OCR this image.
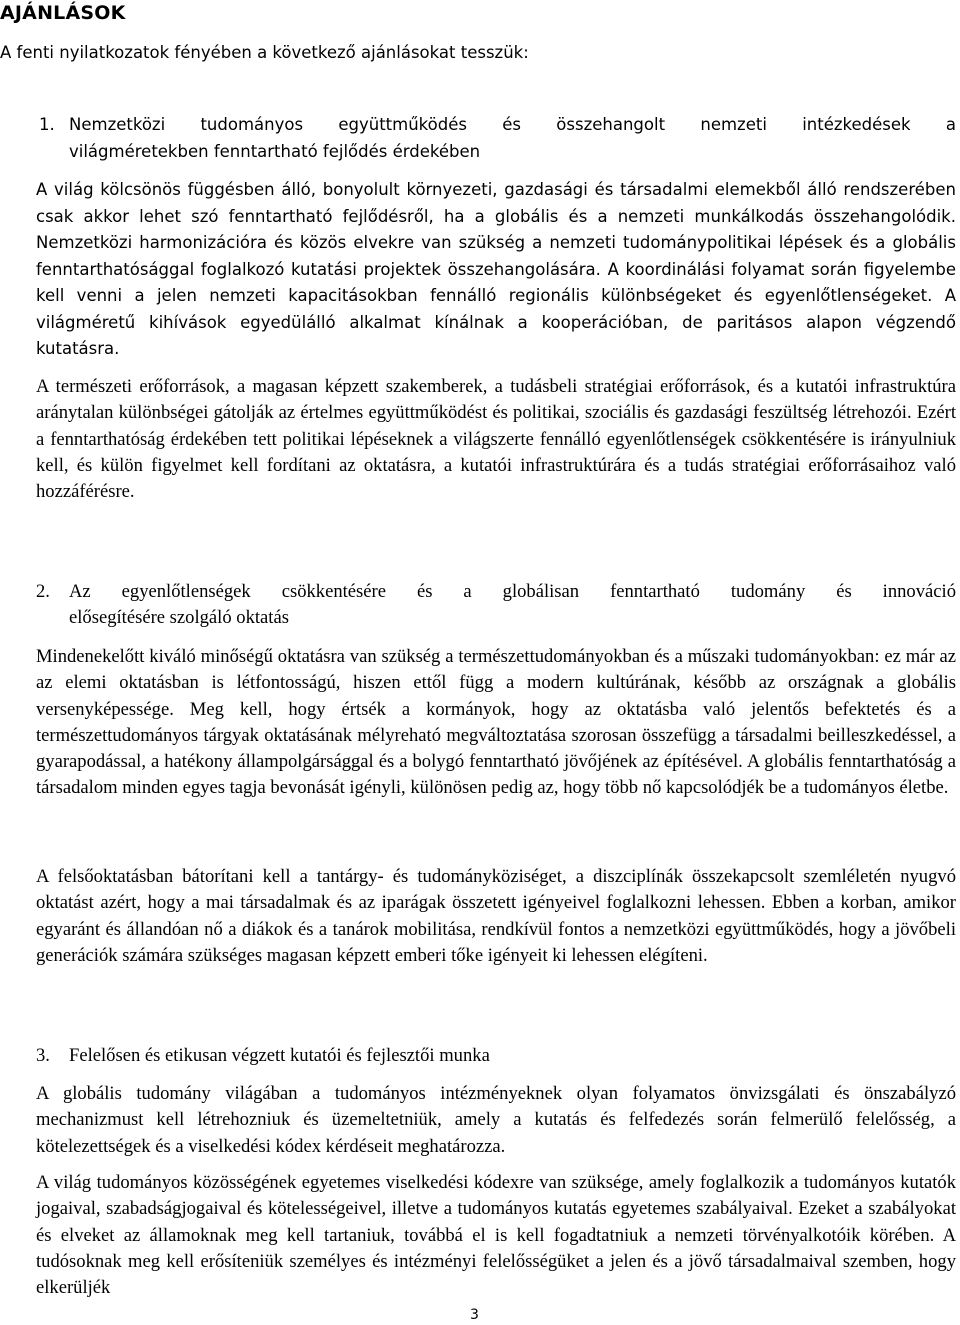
AJÁNLÁSOK
A fenti nyilatkozatok fényében a következő ajánlásokat tesszük:
1. Nemzetközi tudományos együttműködés és összehangolt nemzeti intézkedések a
világméretekben fenntartható fejlődés érdekében
A világ kölcsönös függésben álló, bonyolult környezeti, gazdasági és társadalmi elemekből álló rendszerében csak akkor lehet szó fenntartható fejlődésről, ha a globális és a nemzeti munkálkodás összehangolódik. Nemzetközi harmonizációra és közös elvekre van szükség a nemzeti tudománypolitikai lépések és a globális fenntarthatósággal foglalkozó kutatási projektek összehangolására. A koordinálási folyamat során figyelembe kell venni a jelen nemzeti kapacitásokban fennálló regionális különbségeket és egyenlőtlenségeket. A világméretű kihívások egyedülálló alkalmat kínálnak a kooperációban, de paritásos alapon végzendő kutatásra.
A természeti erőforrások, a magasan képzett szakemberek, a tudásbeli stratégiai erőforrások, és a kutatói infrastruktúra aránytalan különbségei gátolják az értelmes együttműködést és politikai, szociális és gazdasági feszültség létrehozói. Ezért a fenntarthatóság érdekében tett politikai lépéseknek a világszerte fennálló egyenlőtlenségek csökkentésére is irányulniuk kell, és külön figyelmet kell fordítani az oktatásra, a kutatói infrastruktúrára és a tudás stratégiai erőforrásaihoz való hozzáférésre.
2. Az egyenlőtlenségek csökkentésére és a globálisan fenntartható tudomány és innováció
elősegítésére szolgáló oktatás
Mindenekelőtt kiváló minőségű oktatásra van szükség a természettudományokban és a műszaki tudományokban: ez már az az elemi oktatásban is létfontosságú, hiszen ettől függ a modern kultúrának, később az országnak a globális versenyképessége. Meg kell, hogy értsék a kormányok, hogy az oktatásba való jelentős befektetés és a természettudományos tárgyak oktatásának mélyreható megváltoztatása szorosan összefügg a társadalmi beilleszkedéssel, a gyarapodással, a hatékony állampolgársággal és a bolygó fenntartható jövőjének az építésével. A globális fenntarthatóság a társadalom minden egyes tagja bevonását igényli, különösen pedig az, hogy több nő kapcsolódjék be a tudományos életbe.
A felsőoktatásban bátorítani kell a tantárgy- és tudományköziséget, a diszciplínák összekapcsolt szemléletén nyugvó oktatást azért, hogy a mai társadalmak és az iparágak összetett igényeivel foglalkozni lehessen. Ebben a korban, amikor egyaránt és állandóan nő a diákok és a tanárok mobilitása, rendkívül fontos a nemzetközi együttműködés, hogy a jövőbeli generációk számára szükséges magasan képzett emberi tőke igényeit ki lehessen elégíteni.
3. Felelősen és etikusan végzett kutatói és fejlesztői munka
A globális tudomány világában a tudományos intézményeknek olyan folyamatos önvizsgálati és önszabályzó mechanizmust kell létrehozniuk és üzemeltetniük, amely a kutatás és felfedezés során felmerülő felelősség, a kötelezettségek és a viselkedési kódex kérdéseit meghatározza.
A világ tudományos közösségének egyetemes viselkedési kódexre van szüksége, amely foglalkozik a tudományos kutatók jogaival, szabadságjogaival és kötelességeivel, illetve a tudományos kutatás egyetemes szabályaival. Ezeket a szabályokat és elveket az államoknak meg kell tartaniuk, továbbá el is kell fogadtatniuk a nemzeti törvényalkotóik körében. A tudósoknak meg kell erősíteniük személyes és intézményi felelősségüket a jelen és a jövő társadalmaival szemben, hogy elkerüljék
3
